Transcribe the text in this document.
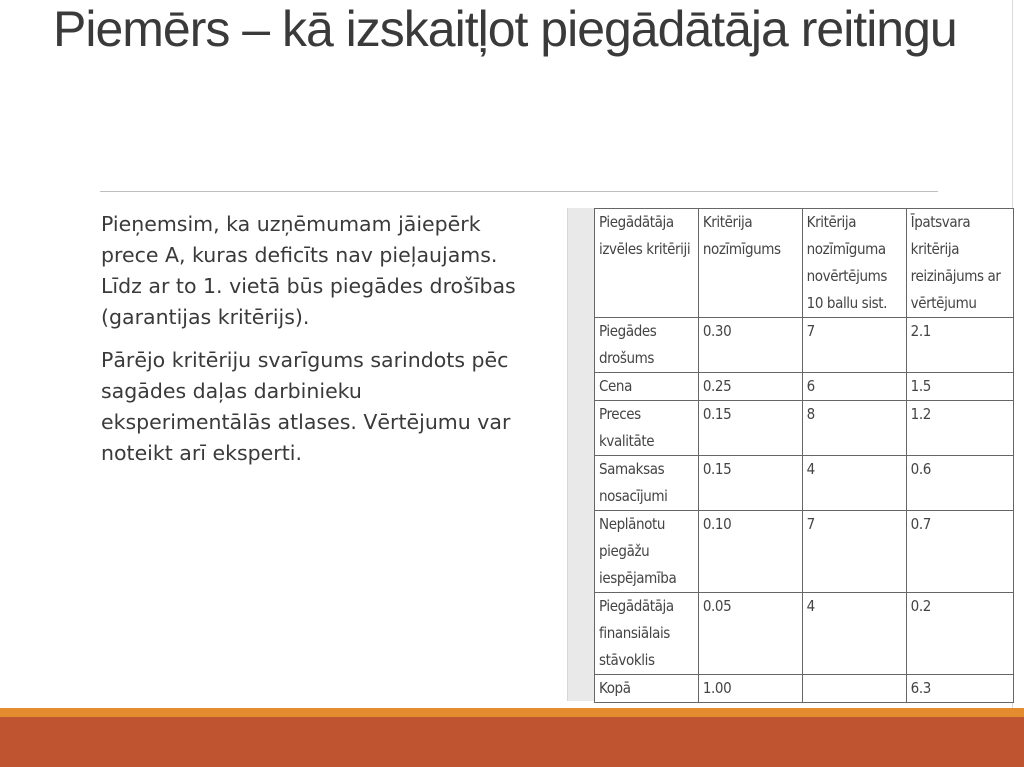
Piemērs – kā izskaitļot piegādātāja reitingu

Pieņemsim, ka uzņēmumam jāiepērk prece A, kuras deficīts nav pieļaujams. Līdz ar to 1. vietā būs piegādes drošības (garantijas kritērijs).

Pārējo kritēriju svarīgums sarindots pēc sagādes daļas darbinieku eksperimentālās atlases. Vērtējumu var noteikt arī eksperti.

Piegādātāja izvēles kritēriji	Kritērija nozīmīgums	Kritērija nozīmīguma novērtējums 10 ballu sist.	Īpatsvara kritērija reizinājums ar vērtējumu
Piegādes drošums	0.30	7	2.1
Cena	0.25	6	1.5
Preces kvalitāte	0.15	8	1.2
Samaksas nosacījumi	0.15	4	0.6
Neplānotu piegāžu iespējamība	0.10	7	0.7
Piegādātāja finansiālais stāvoklis	0.05	4	0.2
Kopā	1.00		6.3
